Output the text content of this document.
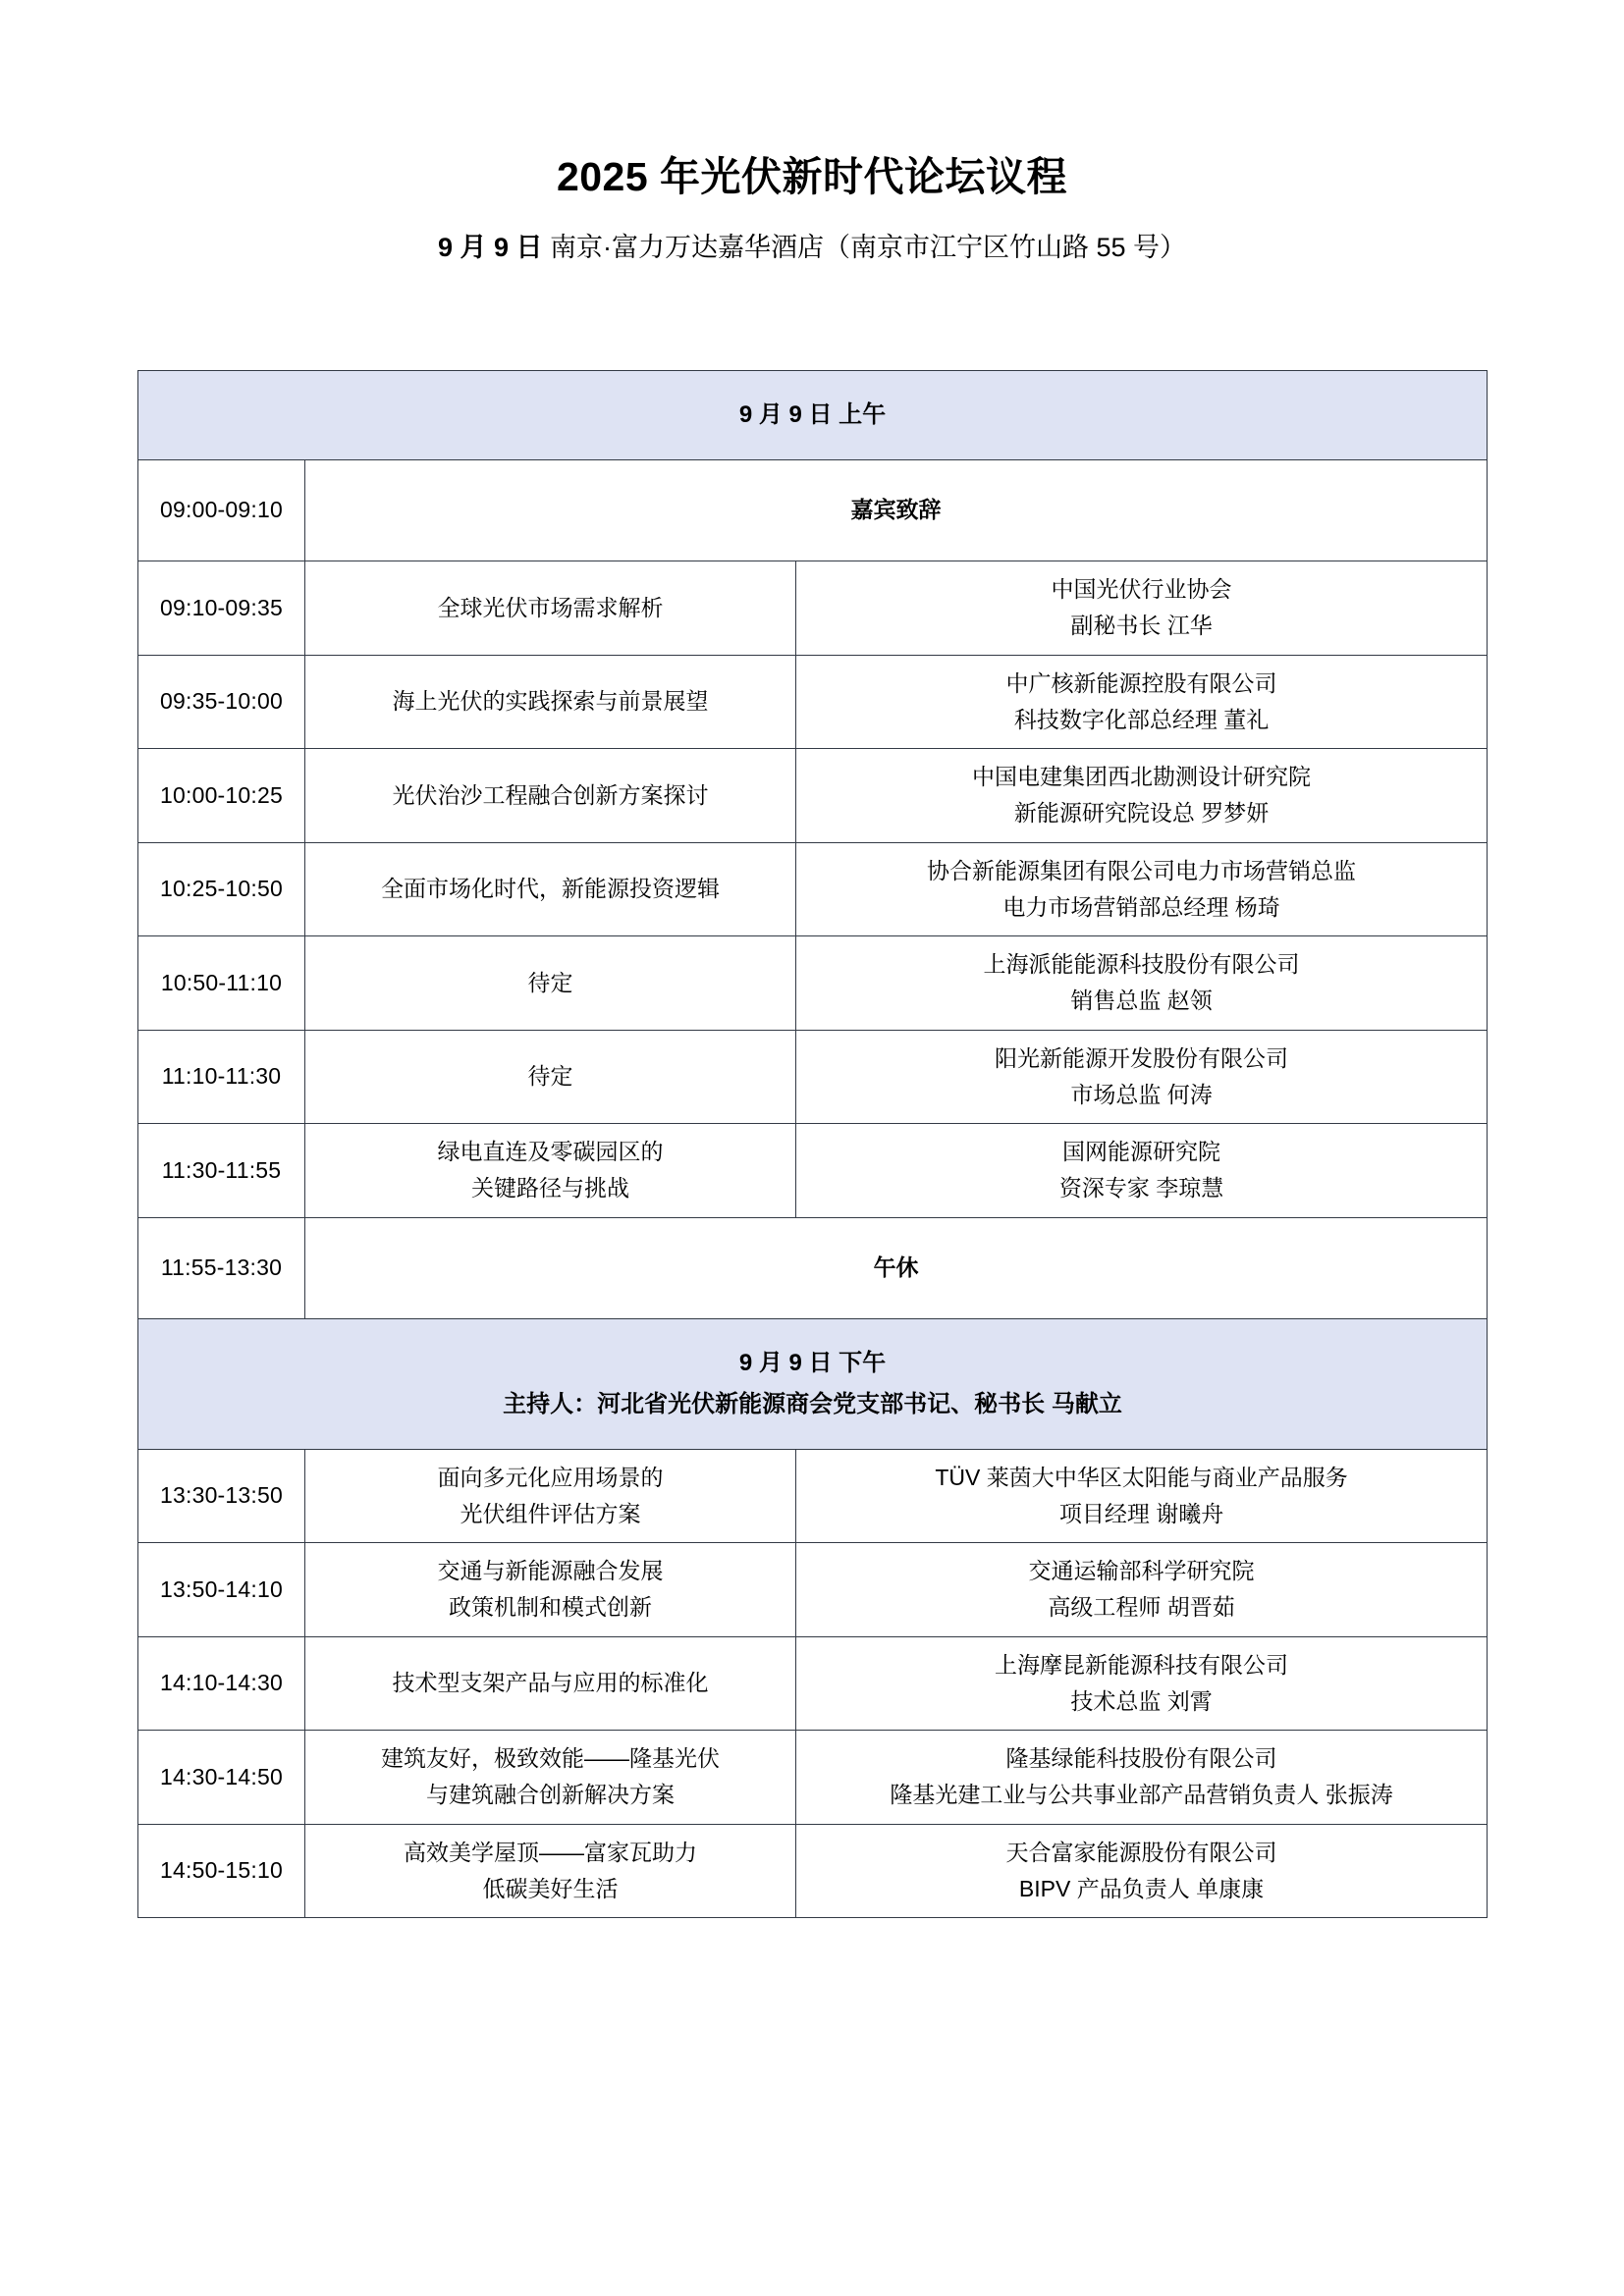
2025 年光伏新时代论坛议程

9 月 9 日 南京·富力万达嘉华酒店（南京市江宁区竹山路 55 号）

9 月 9 日 上午		

09:00-09:10	嘉宾致辞	
09:10-09:35	全球光伏市场需求解析	中国光伏行业协会
副秘书长 江华

09:35-10:00	海上光伏的实践探索与前景展望	中广核新能源控股有限公司
科技数字化部总经理 董礼

10:00-10:25	光伏治沙工程融合创新方案探讨	中国电建集团西北勘测设计研究院
新能源研究院设总 罗梦妍

10:25-10:50	全面市场化时代，新能源投资逻辑	协合新能源集团有限公司电力市场营销总监
电力市场营销部总经理 杨琦

10:50-11:10	待定	上海派能能源科技股份有限公司
销售总监 赵领

11:10-11:30	待定	阳光新能源开发股份有限公司
市场总监 何涛

11:30-11:55	绿电直连及零碳园区的
关键路径与挑战	国网能源研究院
资深专家 李琼慧

11:55-13:30	午休	

9 月 9 日 下午
主持人：河北省光伏新能源商会党支部书记、秘书长 马献立		

13:30-13:50	面向多元化应用场景的
光伏组件评估方案	TÜV 莱茵大中华区太阳能与商业产品服务
项目经理 谢曦舟

13:50-14:10	交通与新能源融合发展
政策机制和模式创新	交通运输部科学研究院
高级工程师 胡晋茹

14:10-14:30	技术型支架产品与应用的标准化	上海摩昆新能源科技有限公司
技术总监 刘霄

14:30-14:50	建筑友好，极致效能——隆基光伏
与建筑融合创新解决方案	隆基绿能科技股份有限公司
隆基光建工业与公共事业部产品营销负责人 张振涛

14:50-15:10	高效美学屋顶——富家瓦助力
低碳美好生活	天合富家能源股份有限公司
BIPV 产品负责人 单康康
